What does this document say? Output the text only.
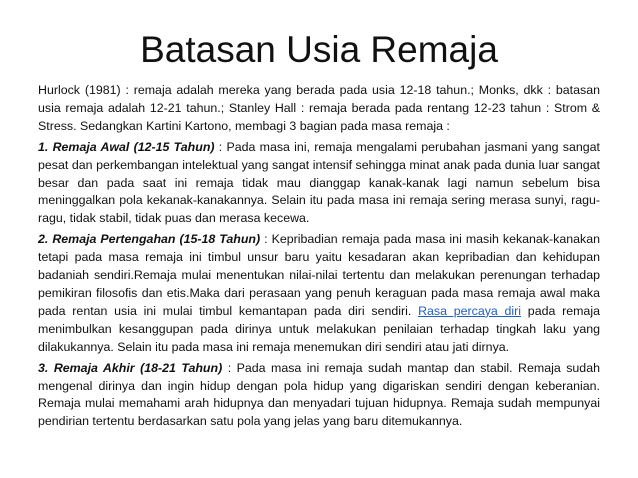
Batasan Usia Remaja

Hurlock (1981) : remaja adalah mereka yang berada pada usia 12-18 tahun.; Monks, dkk : batasan usia remaja adalah 12-21 tahun.; Stanley Hall : remaja berada pada rentang 12-23 tahun : Strom & Stress. Sedangkan Kartini Kartono, membagi 3 bagian pada masa remaja :

1. Remaja Awal (12-15 Tahun) : Pada masa ini, remaja mengalami perubahan jasmani yang sangat pesat dan perkembangan intelektual yang sangat intensif sehingga minat anak pada dunia luar sangat besar dan pada saat ini remaja tidak mau dianggap kanak-kanak lagi namun sebelum bisa meninggalkan pola kekanak-kanakannya. Selain itu pada masa ini remaja sering merasa sunyi, ragu-ragu, tidak stabil, tidak puas dan merasa kecewa.

2. Remaja Pertengahan (15-18 Tahun) : Kepribadian remaja pada masa ini masih kekanak-kanakan tetapi pada masa remaja ini timbul unsur baru yaitu kesadaran akan kepribadian dan kehidupan badaniah sendiri.Remaja mulai menentukan nilai-nilai tertentu dan melakukan perenungan terhadap pemikiran filosofis dan etis.Maka dari perasaan yang penuh keraguan pada masa remaja awal maka pada rentan usia ini mulai timbul kemantapan pada diri sendiri. Rasa percaya diri pada remaja menimbulkan kesanggupan pada dirinya untuk melakukan penilaian terhadap tingkah laku yang dilakukannya. Selain itu pada masa ini remaja menemukan diri sendiri atau jati dirnya.

3. Remaja Akhir (18-21 Tahun) : Pada masa ini remaja sudah mantap dan stabil. Remaja sudah mengenal dirinya dan ingin hidup dengan pola hidup yang digariskan sendiri dengan keberanian. Remaja mulai memahami arah hidupnya dan menyadari tujuan hidupnya. Remaja sudah mempunyai pendirian tertentu berdasarkan satu pola yang jelas yang baru ditemukannya.
